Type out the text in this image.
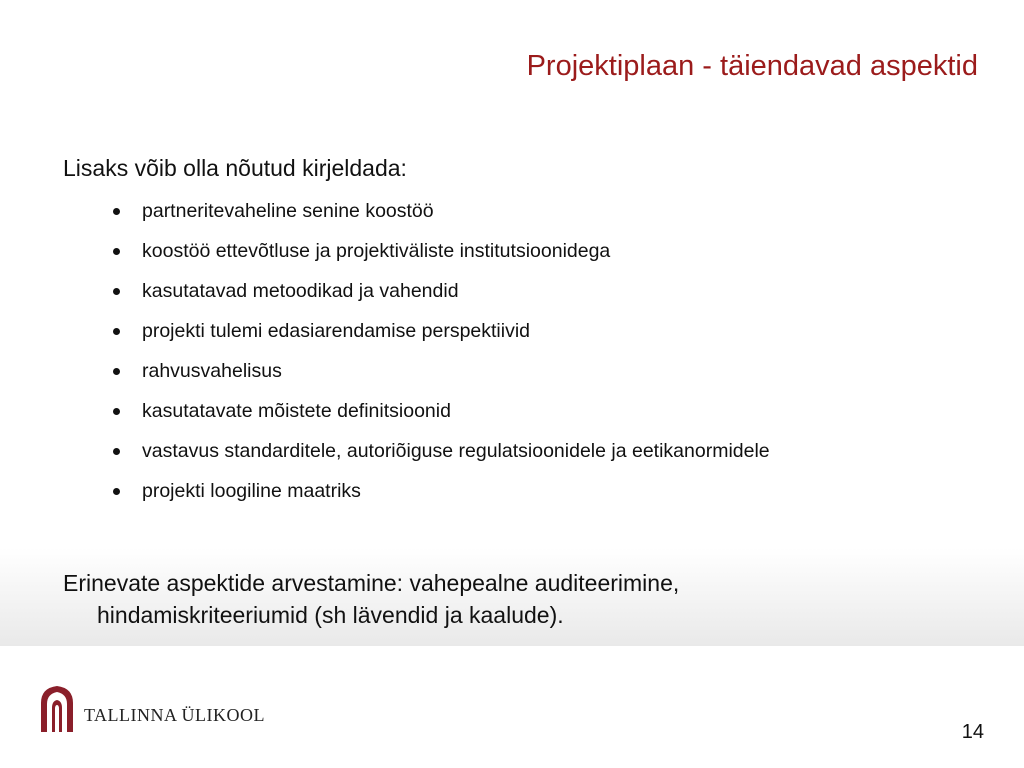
Projektiplaan - täiendavad aspektid
Lisaks võib olla nõutud kirjeldada:
partneritevaheline senine koostöö
koostöö ettevõtluse ja projektiväliste institutsioonidega
kasutatavad metoodikad ja vahendid
projekti tulemi edasiarendamise perspektiivid
rahvusvahelisus
kasutatavate mõistete definitsioonid
vastavus standarditele, autoriõiguse regulatsioonidele ja eetikanormidele
projekti loogiline maatriks
Erinevate aspektide arvestamine: vahepealne auditeerimine,
hindamiskriteeriumid (sh lävendid ja kaalude).
TALLINNA ÜLIKOOL
14
